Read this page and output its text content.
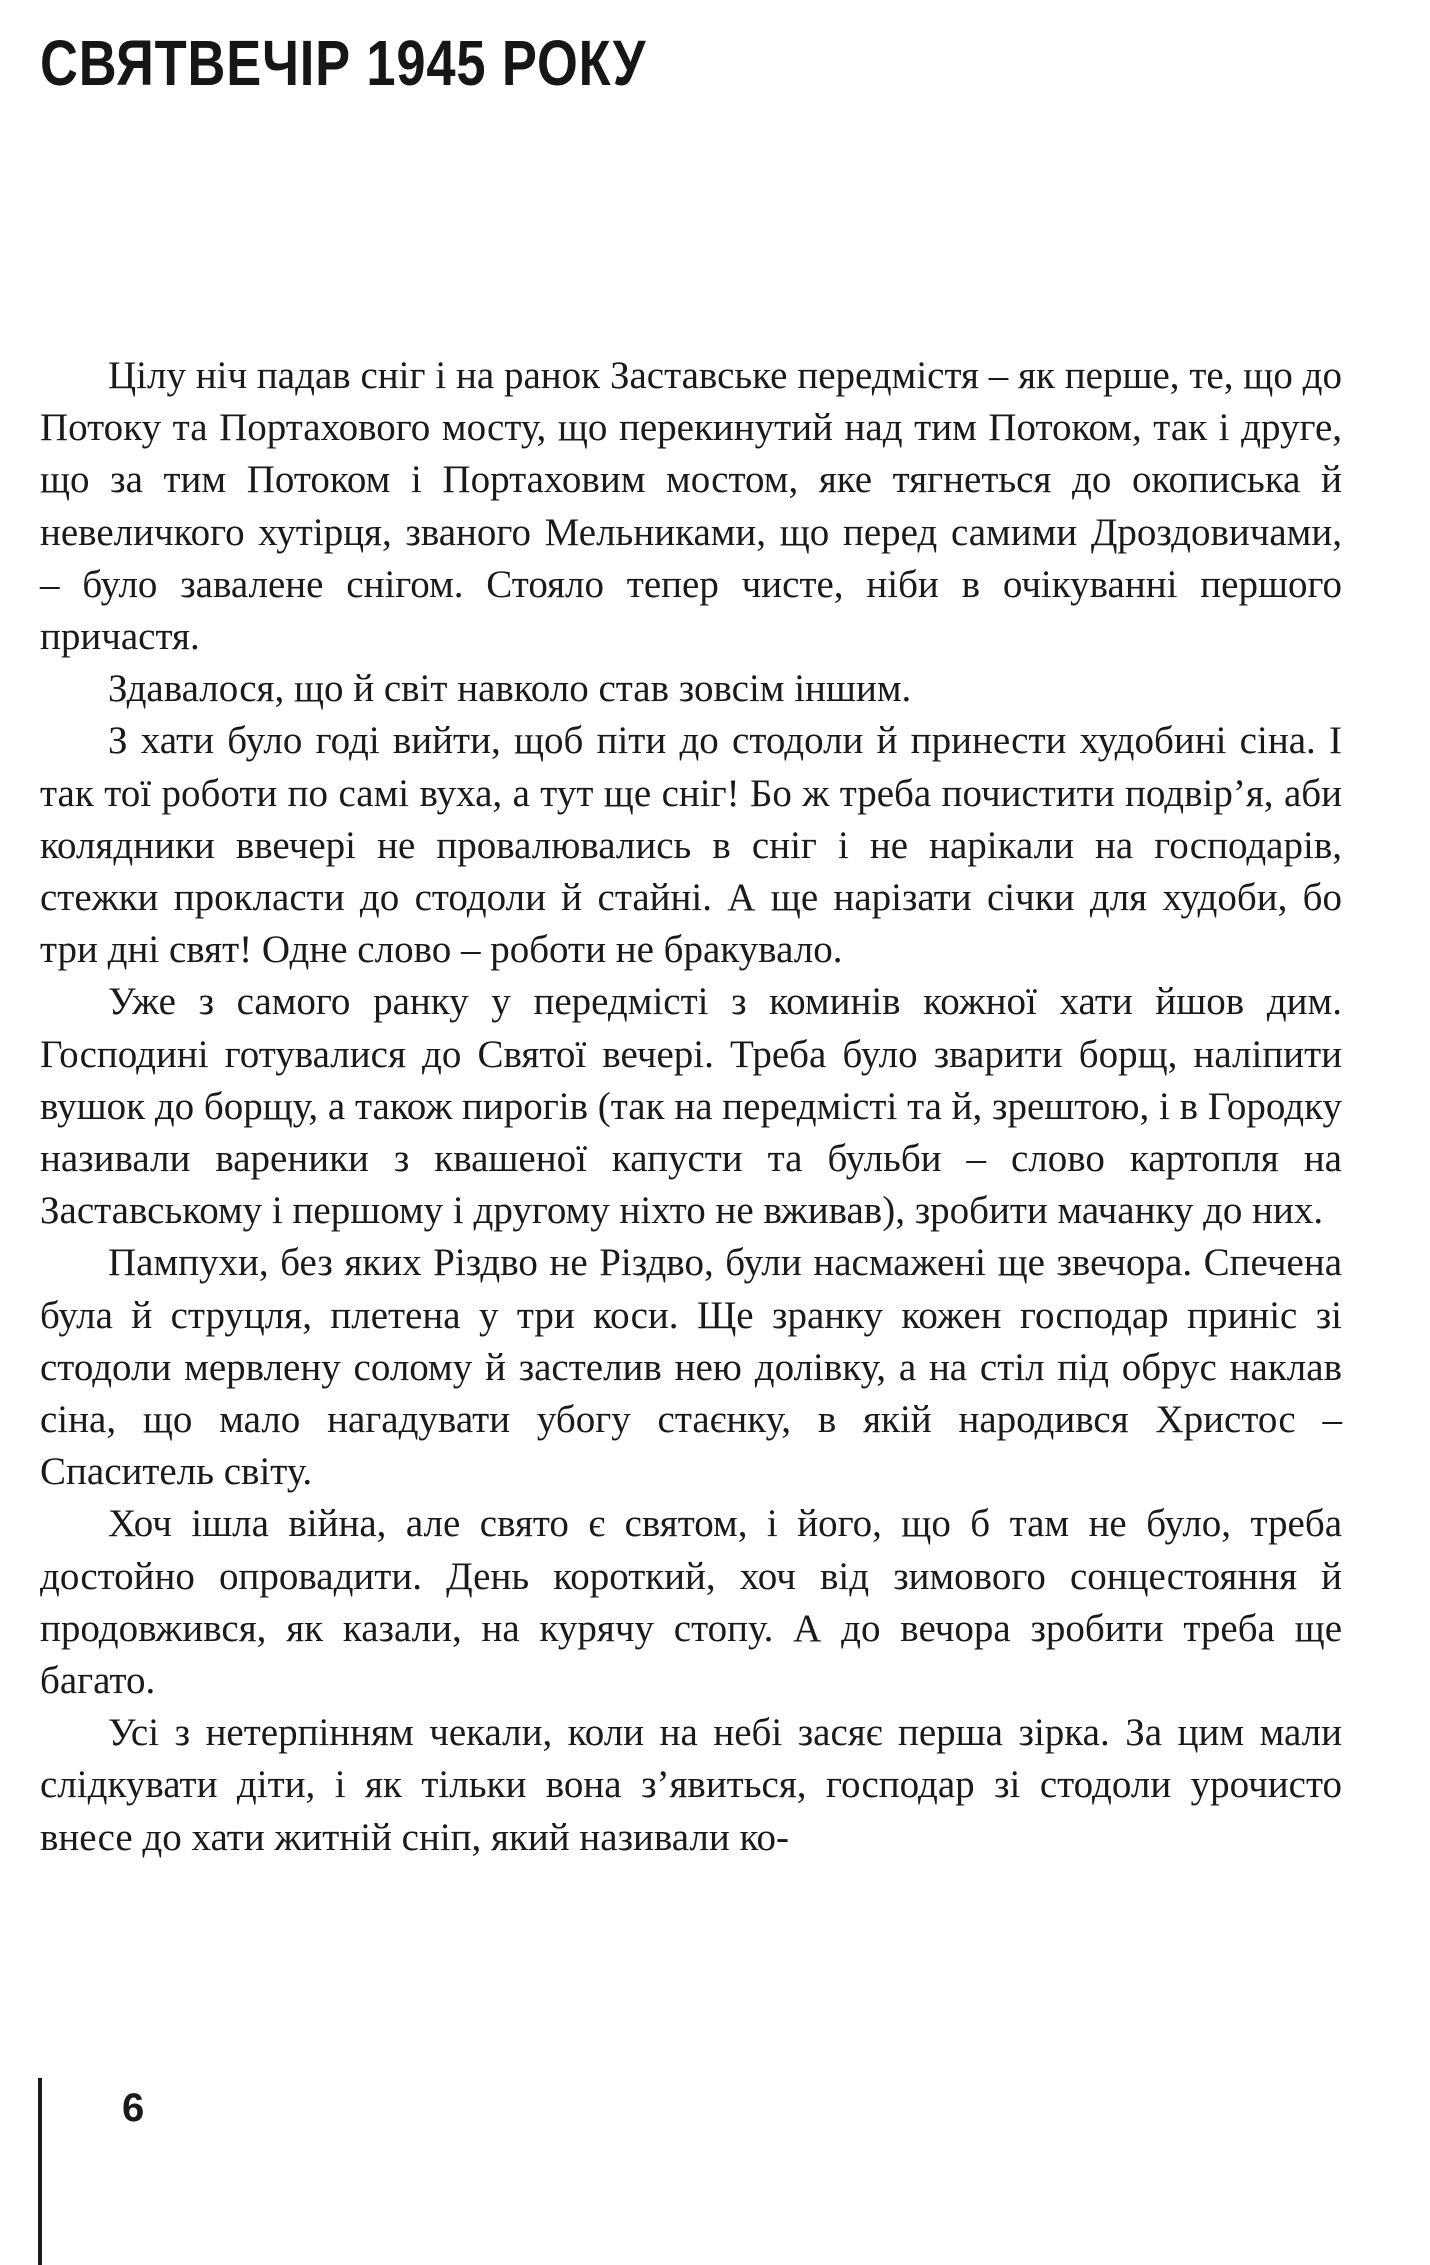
СВЯТВЕЧІР 1945 РОКУ

Цілу ніч падав сніг і на ранок Заставське передмістя – як перше, те, що до Потоку та Портахового мосту, що перекинутий над тим Потоком, так і друге, що за тим Потоком і Портаховим мостом, яке тягнеться до окописька й невеличкого хутірця, званого Мельниками, що перед самими Дроздовичами, – було завалене снігом. Стояло тепер чисте, ніби в очікуванні першого причастя.

Здавалося, що й світ навколо став зовсім іншим.

З хати було годі вийти, щоб піти до стодоли й принести худобині сіна. І так тої роботи по самі вуха, а тут ще сніг! Бо ж треба почистити подвір’я, аби колядники ввечері не провалювались в сніг і не нарікали на господарів, стежки прокласти до стодоли й стайні. А ще нарізати січки для худоби, бо три дні свят! Одне слово – роботи не бракувало.

Уже з самого ранку у передмісті з коминів кожної хати йшов дим. Господині готувалися до Святої вечері. Треба було зварити борщ, наліпити вушок до борщу, а також пирогів (так на передмісті та й, зрештою, і в Городку називали вареники з квашеної капусти та бульби – слово картопля на Заставському і першому і другому ніхто не вживав), зробити мачанку до них.

Пампухи, без яких Різдво не Різдво, були насмажені ще звечора. Спечена була й струцля, плетена у три коси. Ще зранку кожен господар приніс зі стодоли мервлену солому й застелив нею долівку, а на стіл під обрус наклав сіна, що мало нагадувати убогу стаєнку, в якій народився Христос – Спаситель світу.

Хоч ішла війна, але свято є святом, і його, що б там не було, треба достойно опровадити. День короткий, хоч від зимового сонцестояння й продовжився, як казали, на курячу стопу. А до вечора зробити треба ще багато.

Усі з нетерпінням чекали, коли на небі засяє перша зірка. За цим мали слідкувати діти, і як тільки вона з’явиться, господар зі стодоли урочисто внесе до хати житній сніп, який називали ко-

6
